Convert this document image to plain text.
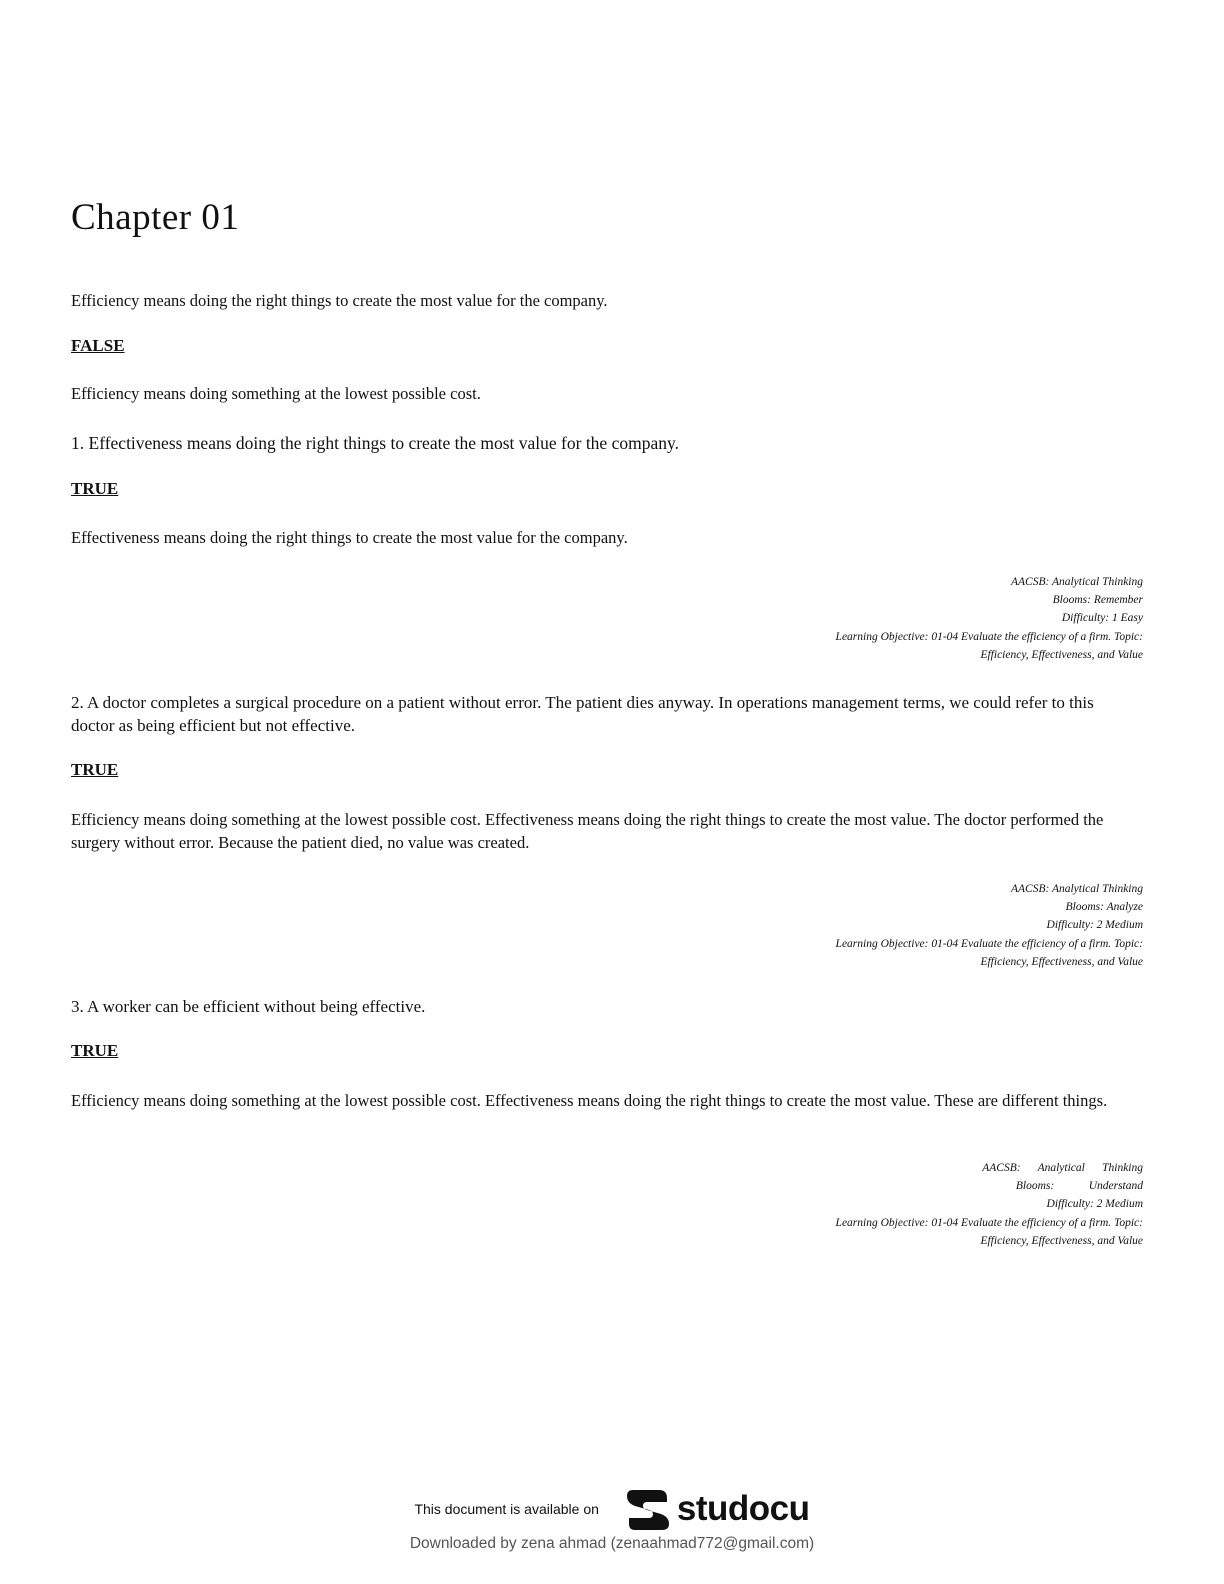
Chapter 01

Efficiency means doing the right things to create the most value for the company.

FALSE

Efficiency means doing something at the lowest possible cost.

1. Effectiveness means doing the right things to create the most value for the company.

TRUE

Effectiveness means doing the right things to create the most value for the company.

AACSB: Analytical Thinking
Blooms: Remember
Difficulty: 1 Easy
Learning Objective: 01-04 Evaluate the efficiency of a firm. Topic:
Efficiency, Effectiveness, and Value

2. A doctor completes a surgical procedure on a patient without error. The patient dies anyway. In operations management terms, we could refer to this doctor as being efficient but not effective.

TRUE

Efficiency means doing something at the lowest possible cost. Effectiveness means doing the right things to create the most value. The doctor performed the surgery without error. Because the patient died, no value was created.

AACSB: Analytical Thinking
Blooms: Analyze
Difficulty: 2 Medium
Learning Objective: 01-04 Evaluate the efficiency of a firm. Topic:
Efficiency, Effectiveness, and Value

3. A worker can be efficient without being effective.

TRUE

Efficiency means doing something at the lowest possible cost. Effectiveness means doing the right things to create the most value. These are different things.

AACSB:      Analytical      Thinking
Blooms:            Understand
Difficulty: 2 Medium
Learning Objective: 01-04 Evaluate the efficiency of a firm. Topic:
Efficiency, Effectiveness, and Value
This document is available on studocu
Downloaded by zena ahmad (zenaahmad772@gmail.com)
